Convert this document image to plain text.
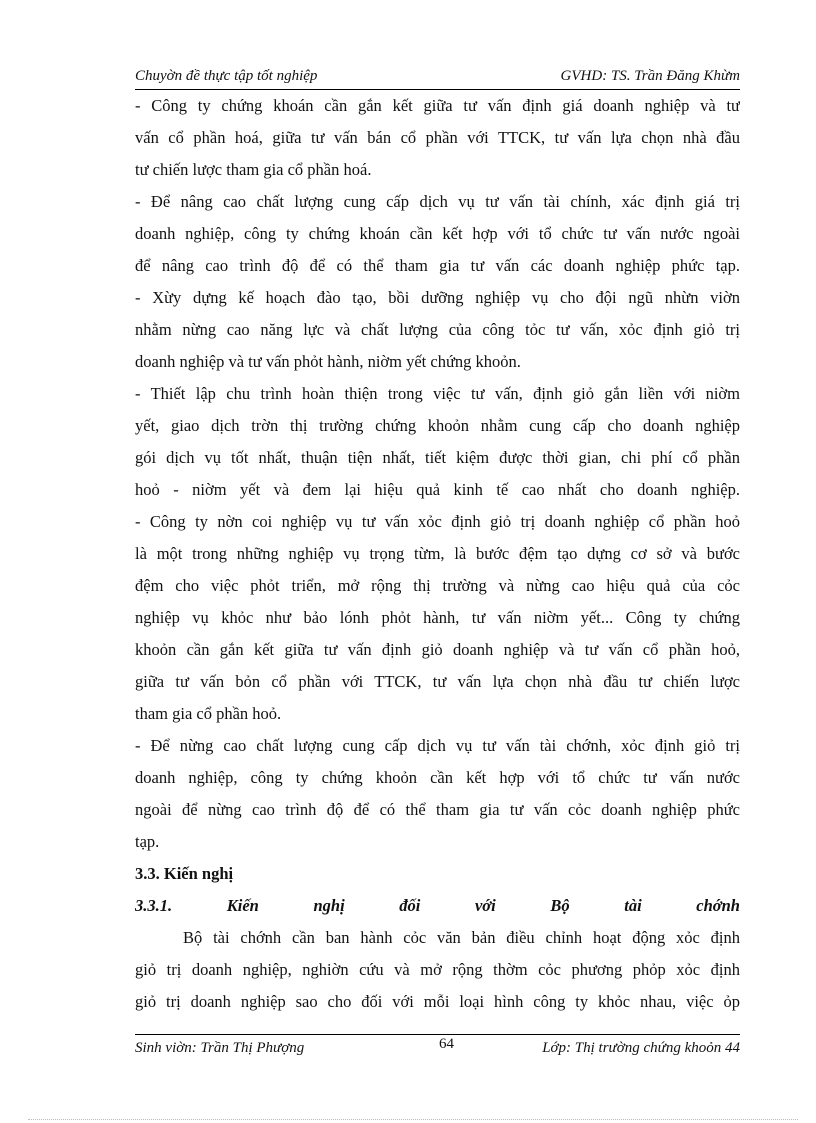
Chuyờn đề thực tập tốt nghiệp	GVHD: TS. Trần Đăng Khừm
- Công ty chứng khoán cần gắn kết giữa tư vấn định giá doanh nghiệp và tư
vấn cổ phần hoá, giữa tư vấn bán cổ phần với TTCK, tư vấn lựa chọn nhà đầu
tư chiến lược tham gia cổ phần hoá.
- Để nâng cao chất lượng cung cấp dịch vụ tư vấn tài chính, xác định giá trị
doanh nghiệp, công ty chứng khoán cần kết hợp với tổ chức tư vấn nước ngoài
để nâng cao trình độ để có thể tham gia tư vấn các doanh nghiệp phức tạp.
- Xừy dựng kế hoạch đào tạo, bồi dưỡng nghiệp vụ cho đội ngũ nhừn viờn
nhằm nừng cao năng lực và chất lượng của công tỏc tư vấn, xỏc định giỏ trị
doanh nghiệp và tư vấn phỏt hành, niờm yết chứng khoỏn.
- Thiết lập chu trình hoàn thiện trong việc tư vấn, định giỏ gắn liền với niờm
yết, giao dịch trờn thị trường chứng khoỏn nhằm cung cấp cho doanh nghiệp
gói dịch vụ tốt nhất, thuận tiện nhất, tiết kiệm được thời gian, chi phí cổ phần
hoỏ - niờm yết và đem lại hiệu quả kinh tế cao nhất cho doanh nghiệp.
- Công ty nờn coi nghiệp vụ tư vấn xỏc định giỏ trị doanh nghiệp cổ phần hoỏ
là một trong những nghiệp vụ trọng từm, là bước đệm tạo dựng cơ sở và bước
đệm cho việc phỏt triển, mở rộng thị trường và nừng cao hiệu quả của cỏc
nghiệp vụ khỏc như bảo lónh phỏt hành, tư vấn niờm yết... Công ty chứng
khoỏn cần gắn kết giữa tư vấn định giỏ doanh nghiệp và tư vấn cổ phần hoỏ,
giữa tư vấn bỏn cổ phần với TTCK, tư vấn lựa chọn nhà đầu tư chiến lược
tham gia cổ phần hoỏ.
- Để nừng cao chất lượng cung cấp dịch vụ tư vấn tài chớnh, xỏc định giỏ trị
doanh nghiệp, công ty chứng khoỏn cần kết hợp với tổ chức tư vấn nước
ngoài để nừng cao trình độ để có thể tham gia tư vấn cỏc doanh nghiệp phức
tạp.
3.3. Kiến nghị
3.3.1. Kiến nghị đối với Bộ tài chớnh
Bộ tài chớnh cần ban hành cỏc văn bản điều chỉnh hoạt động xỏc định
giỏ trị doanh nghiệp, nghiờn cứu và mở rộng thờm cỏc phương phỏp xỏc định
giỏ trị doanh nghiệp sao cho đối với mỗi loại hình công ty khỏc nhau, việc ỏp
Sinh viờn: Trần Thị Phượng	64	Lớp: Thị trường chứng khoỏn 44
